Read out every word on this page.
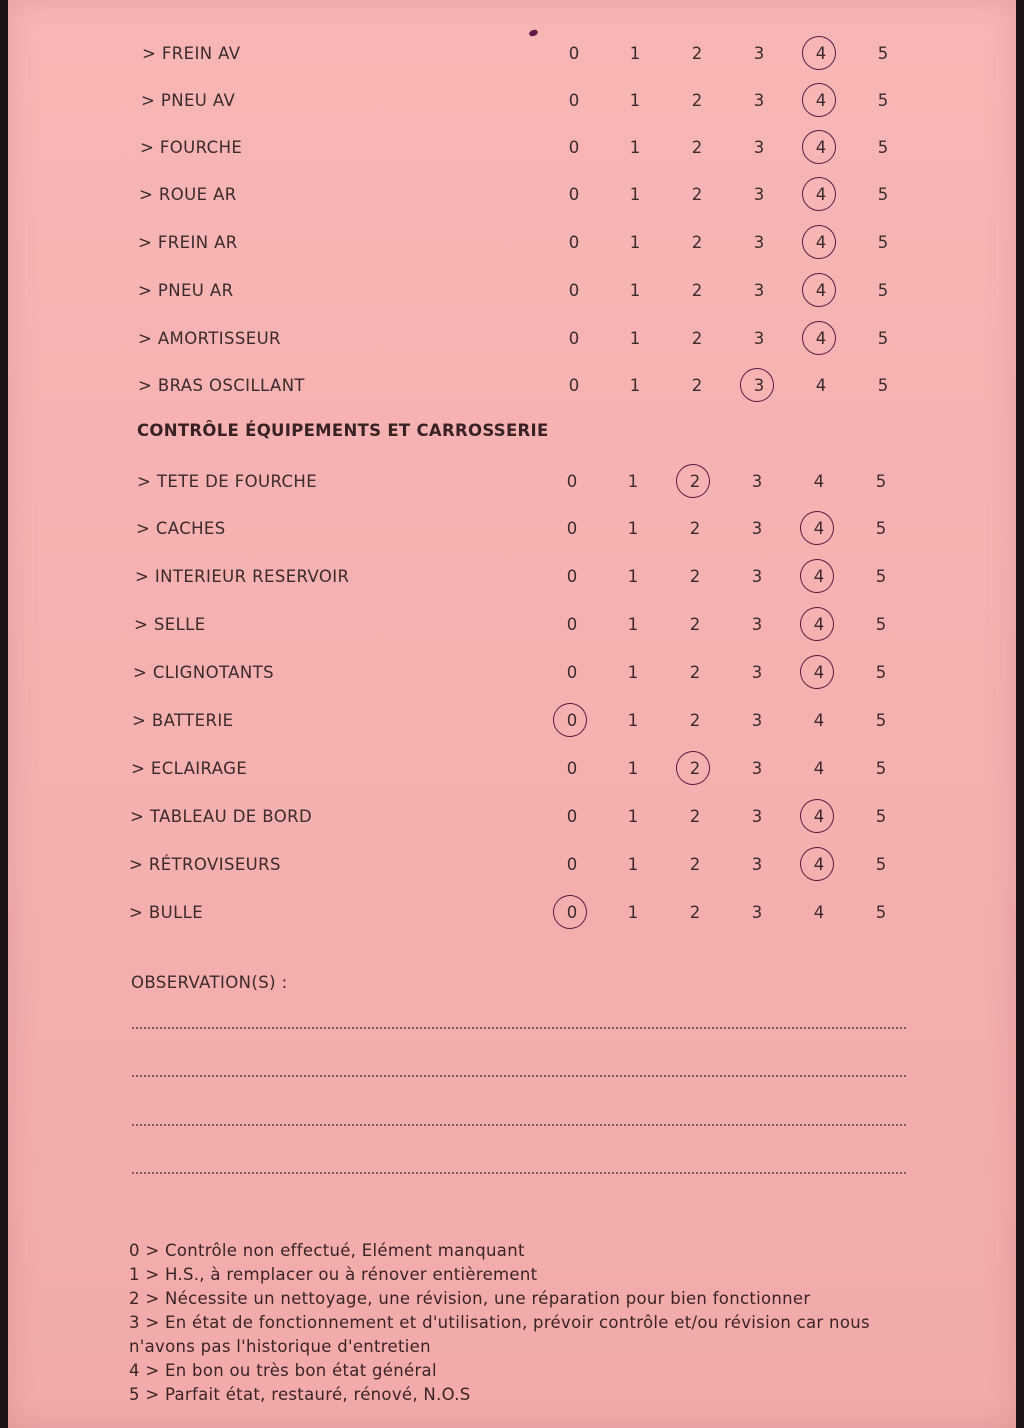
> FREIN AV	0	1	2	3	4	5
> PNEU AV	0	1	2	3	4	5
> FOURCHE	0	1	2	3	4	5
> ROUE AR	0	1	2	3	4	5
> FREIN AR	0	1	2	3	4	5
> PNEU AR	0	1	2	3	4	5
> AMORTISSEUR	0	1	2	3	4	5
> BRAS OSCILLANT	0	1	2	3	4	5
> TETE DE FOURCHE	0	1	2	3	4	5
> CACHES	0	1	2	3	4	5
> INTERIEUR RESERVOIR	0	1	2	3	4	5
> SELLE	0	1	2	3	4	5
> CLIGNOTANTS	0	1	2	3	4	5
> BATTERIE	0	1	2	3	4	5
> ECLAIRAGE	0	1	2	3	4	5
> TABLEAU DE BORD	0	1	2	3	4	5
> RÉTROVISEURS	0	1	2	3	4	5
> BULLE	0	1	2	3	4	5
CONTRÔLE ÉQUIPEMENTS ET CARROSSERIE
OBSERVATION(S) :
0 > Contrôle non effectué, Elément manquant
1 > H.S., à remplacer ou à rénover entièrement
2 > Nécessite un nettoyage, une révision, une réparation pour bien fonctionner
3 > En état de fonctionnement et d'utilisation, prévoir contrôle et/ou révision car nous n'avons pas l'historique d'entretien
4 > En bon ou très bon état général
5 > Parfait état, restauré, rénové, N.O.S
